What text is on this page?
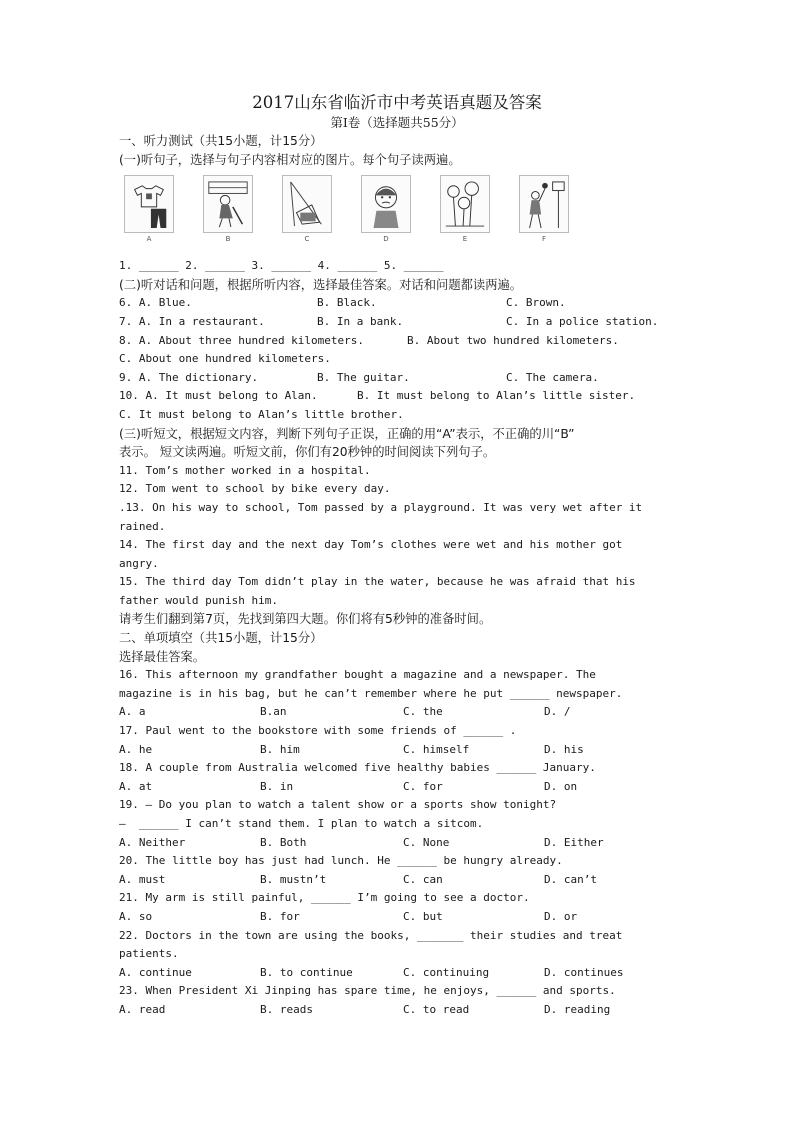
2017山东省临沂市中考英语真题及答案

第Ⅰ卷（选择题共55分）

一、听力测试（共15小题，计15分）

(一)听句子，选择与句子内容相对应的图片。每个句子读两遍。

A	B	C	D	E	F

1. ______ 2. ______ 3. ______ 4. ______ 5. ______

(二)听对话和问题，根据所听内容，选择最佳答案。对话和问题都读两遍。

6. A. Blue.	B. Black.	C. Brown.
7. A. In a restaurant.	B. In a bank.	C. In a police station.
8. A. About three hundred kilometers.	B. About two hundred kilometers.

C. About one hundred kilometers.

9. A. The dictionary.	B. The guitar.	C. The camera.
10. A. It must belong to Alan.	B. It must belong to Alan’s little sister.

C. It must belong to Alan’s little brother.

(三)听短文，根据短文内容，判断下列句子正误，正确的用“A”表示，不正确的川“B”

表示。 短文读两遍。听短文前，你们有20秒钟的时间阅读下列句子。

11. Tom’s mother worked in a hospital.

12. Tom went to school by bike every day.

.13. On his way to school, Tom passed by a playground. It was very wet after it

rained.

14. The first day and the next day Tom’s clothes were wet and his mother got

angry.

15. The third day Tom didn’t play in the water, because he was afraid that his

father would punish him.

请考生们翻到第7页，先找到第四大题。你们将有5秒钟的准备时间。

二、单项填空（共15小题，计15分）

选择最佳答案。

16. This afternoon my grandfather bought a magazine and a newspaper. The

magazine is in his bag, but he can’t remember where he put ______ newspaper.

A. a	B.an	C. the	D. /

17. Paul went to the bookstore with some friends of ______ .

A. he	B. him	C. himself	D. his

18. A couple from Australia welcomed five healthy babies ______ January.

A. at	B. in	C. for	D. on

19. — Do you plan to watch a talent show or a sports show tonight?

—  ______ I can’t stand them. I plan to watch a sitcom.

A. Neither	B. Both	C. None	D. Either

20. The little boy has just had lunch. He ______ be hungry already.

A. must	B. mustn’t	C. can	D. can’t

21. My arm is still painful, ______ I’m going to see a doctor.

A. so	B. for	C. but	D. or

22. Doctors in the town are using the books, _______ their studies and treat

patients.

A. continue	B. to continue	C. continuing	D. continues

23. When President Xi Jinping has spare time, he enjoys, ______ and sports.

A. read	B. reads	C. to read	D. reading
